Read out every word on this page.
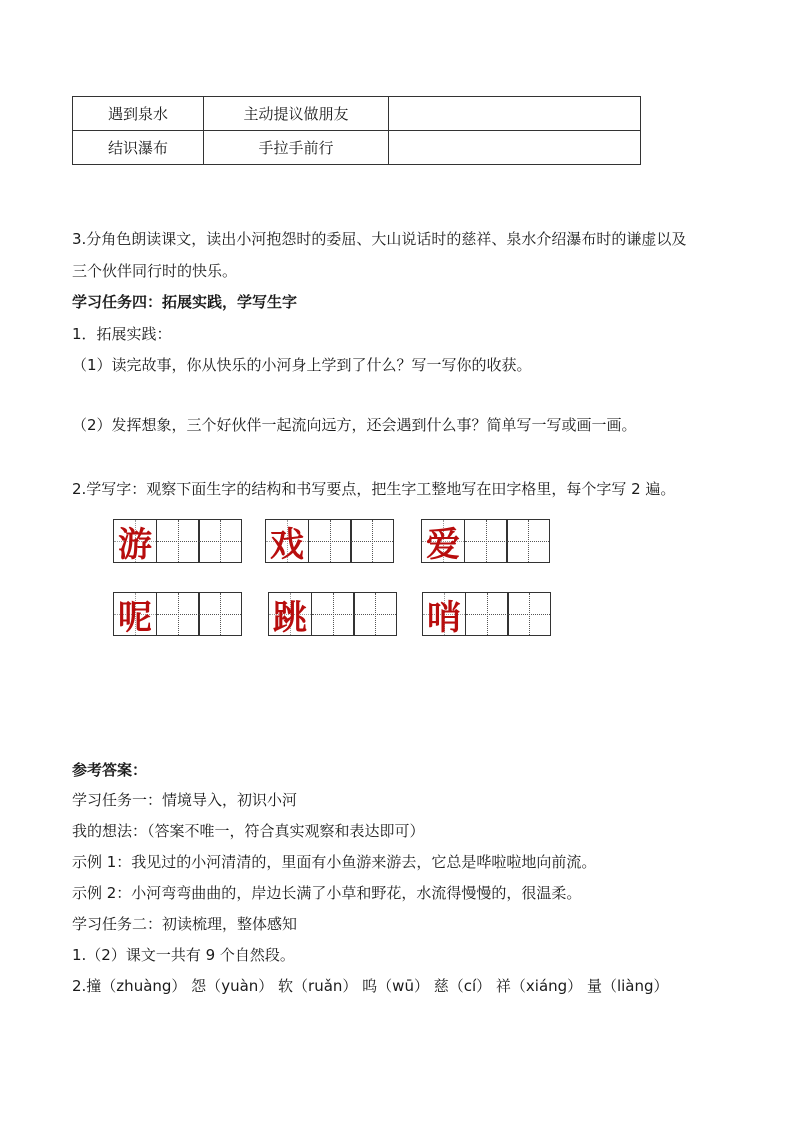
遇到泉水	主动提议做朋友	
结识瀑布	手拉手前行	
3.分角色朗读课文，读出小河抱怨时的委屈、大山说话时的慈祥、泉水介绍瀑布时的谦虚以及
三个伙伴同行时的快乐。
学习任务四：拓展实践，学写生字
1．拓展实践：
（1）读完故事，你从快乐的小河身上学到了什么？写一写你的收获。
（2）发挥想象，三个好伙伴一起流向远方，还会遇到什么事？简单写一写或画一画。
2.学写字：观察下面生字的结构和书写要点，把生字工整地写在田字格里，每个字写 2 遍。
游	戏	爱
呢	跳	哨
参考答案：
学习任务一：情境导入，初识小河
我的想法：（答案不唯一，符合真实观察和表达即可）
示例 1：我见过的小河清清的，里面有小鱼游来游去，它总是哗啦啦地向前流。
示例 2：小河弯弯曲曲的，岸边长满了小草和野花，水流得慢慢的，很温柔。
学习任务二：初读梳理，整体感知
1.（2）课文一共有 9 个自然段。
2.撞（zhuàng） 怨（yuàn） 软（ruǎn） 呜（wū） 慈（cí） 祥（xiáng） 量（liàng）
